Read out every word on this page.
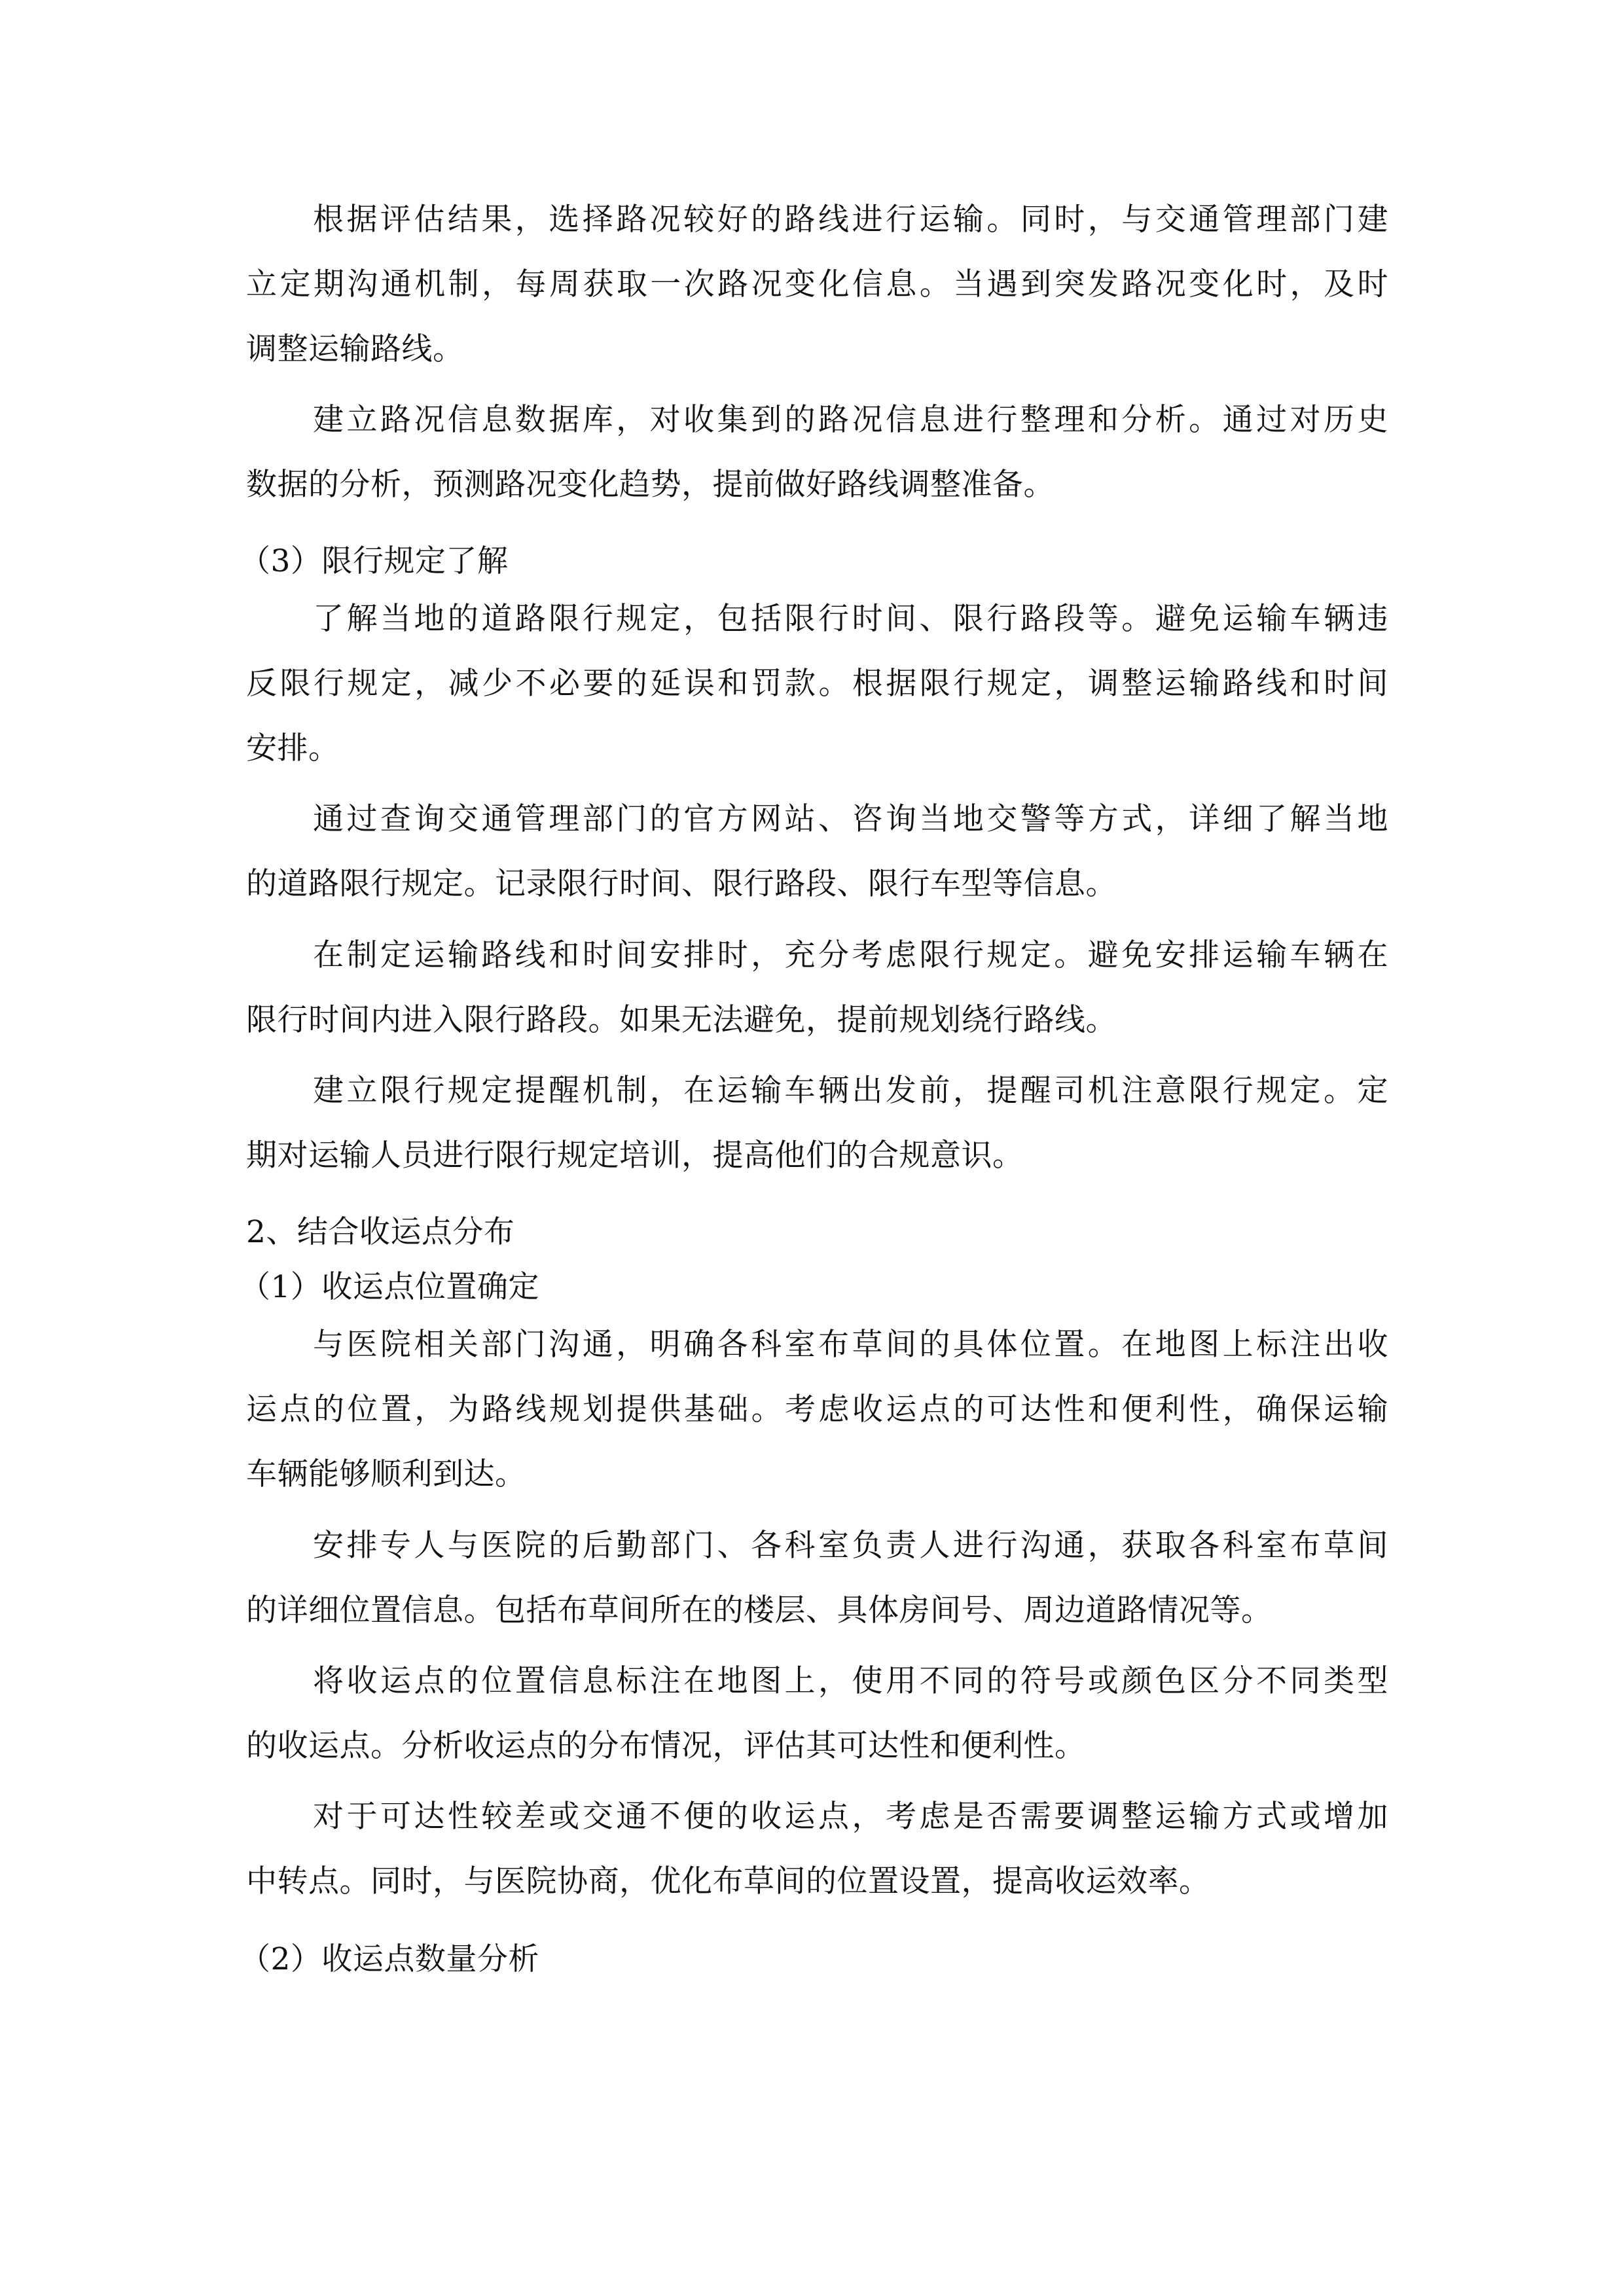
根据评估结果，选择路况较好的路线进行运输。同时，与交通管理部门建
立定期沟通机制，每周获取一次路况变化信息。当遇到突发路况变化时，及时
调整运输路线。
建立路况信息数据库，对收集到的路况信息进行整理和分析。通过对历史
数据的分析，预测路况变化趋势，提前做好路线调整准备。
（3）限行规定了解
了解当地的道路限行规定，包括限行时间、限行路段等。避免运输车辆违
反限行规定，减少不必要的延误和罚款。根据限行规定，调整运输路线和时间
安排。
通过查询交通管理部门的官方网站、咨询当地交警等方式，详细了解当地
的道路限行规定。记录限行时间、限行路段、限行车型等信息。
在制定运输路线和时间安排时，充分考虑限行规定。避免安排运输车辆在
限行时间内进入限行路段。如果无法避免，提前规划绕行路线。
建立限行规定提醒机制，在运输车辆出发前，提醒司机注意限行规定。定
期对运输人员进行限行规定培训，提高他们的合规意识。
2、结合收运点分布
（1）收运点位置确定
与医院相关部门沟通，明确各科室布草间的具体位置。在地图上标注出收
运点的位置，为路线规划提供基础。考虑收运点的可达性和便利性，确保运输
车辆能够顺利到达。
安排专人与医院的后勤部门、各科室负责人进行沟通，获取各科室布草间
的详细位置信息。包括布草间所在的楼层、具体房间号、周边道路情况等。
将收运点的位置信息标注在地图上，使用不同的符号或颜色区分不同类型
的收运点。分析收运点的分布情况，评估其可达性和便利性。
对于可达性较差或交通不便的收运点，考虑是否需要调整运输方式或增加
中转点。同时，与医院协商，优化布草间的位置设置，提高收运效率。
（2）收运点数量分析
